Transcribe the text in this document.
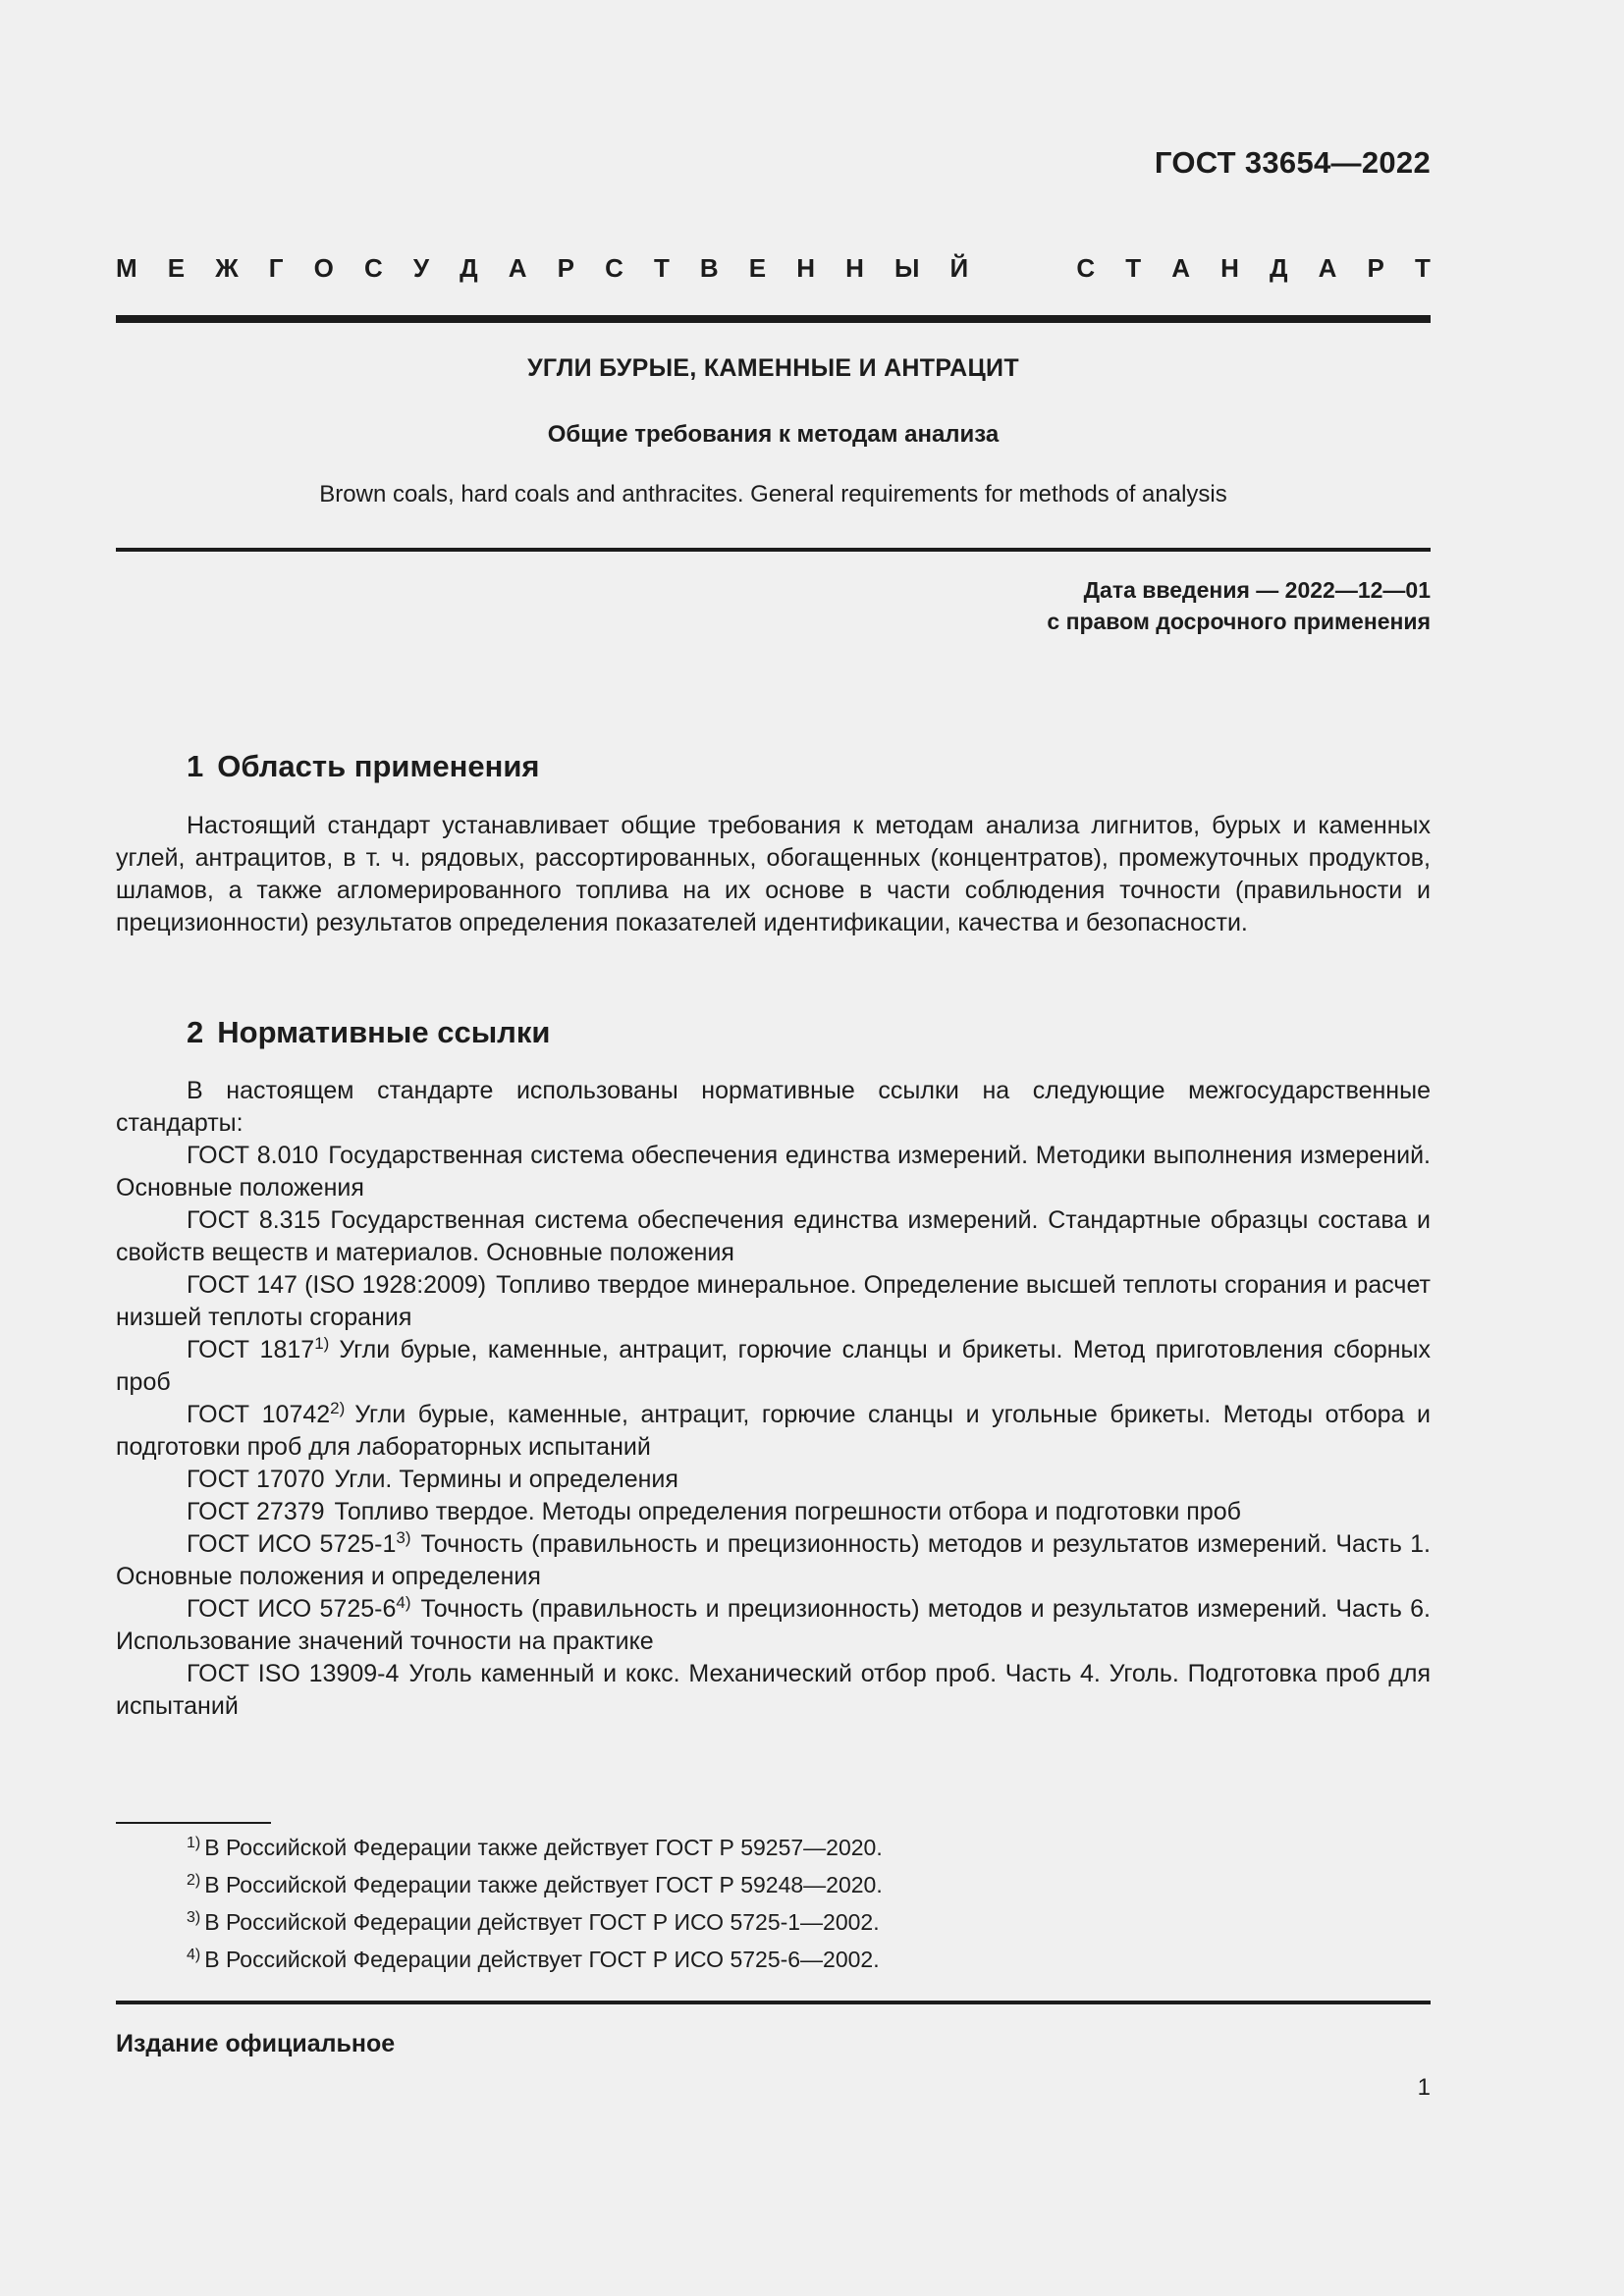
ГОСТ 33654—2022
М Е Ж Г О С У Д А Р С Т В Е Н Н Ы Й	С Т А Н Д А Р Т
УГЛИ БУРЫЕ, КАМЕННЫЕ И АНТРАЦИТ
Общие требования к методам анализа
Brown coals, hard coals and anthracites. General requirements for methods of analysis
Дата введения — 2022—12—01
с правом досрочного применения
1 Область применения

Настоящий стандарт устанавливает общие требования к методам анализа лигнитов, бурых и каменных углей, антрацитов, в т. ч. рядовых, рассортированных, обогащенных (концентратов), промежуточных продуктов, шламов, а также агломерированного топлива на их основе в части соблюдения точности (правильности и прецизионности) результатов определения показателей идентификации, качества и безопасности.

2 Нормативные ссылки

В настоящем стандарте использованы нормативные ссылки на следующие межгосударственные стандарты:

ГОСТ 8.010 Государственная система обеспечения единства измерений. Методики выполнения измерений. Основные положения

ГОСТ 8.315 Государственная система обеспечения единства измерений. Стандартные образцы состава и свойств веществ и материалов. Основные положения

ГОСТ 147 (ISO 1928:2009) Топливо твердое минеральное. Определение высшей теплоты сгорания и расчет низшей теплоты сгорания

ГОСТ 1817$^{1)}$ Угли бурые, каменные, антрацит, горючие сланцы и брикеты. Метод приготовления сборных проб

ГОСТ 10742$^{2)}$ Угли бурые, каменные, антрацит, горючие сланцы и угольные брикеты. Методы отбора и подготовки проб для лабораторных испытаний

ГОСТ 17070 Угли. Термины и определения

ГОСТ 27379 Топливо твердое. Методы определения погрешности отбора и подготовки проб

ГОСТ ИСО 5725-1$^{3)}$ Точность (правильность и прецизионность) методов и результатов измерений. Часть 1. Основные положения и определения

ГОСТ ИСО 5725-6$^{4)}$ Точность (правильность и прецизионность) методов и результатов измерений. Часть 6. Использование значений точности на практике

ГОСТ ISO 13909-4 Уголь каменный и кокс. Механический отбор проб. Часть 4. Уголь. Подготовка проб для испытаний

$^{1)}$ В Российской Федерации также действует ГОСТ Р 59257—2020.
$^{2)}$ В Российской Федерации также действует ГОСТ Р 59248—2020.
$^{3)}$ В Российской Федерации действует ГОСТ Р ИСО 5725-1—2002.
$^{4)}$ В Российской Федерации действует ГОСТ Р ИСО 5725-6—2002.
Издание официальное
1
